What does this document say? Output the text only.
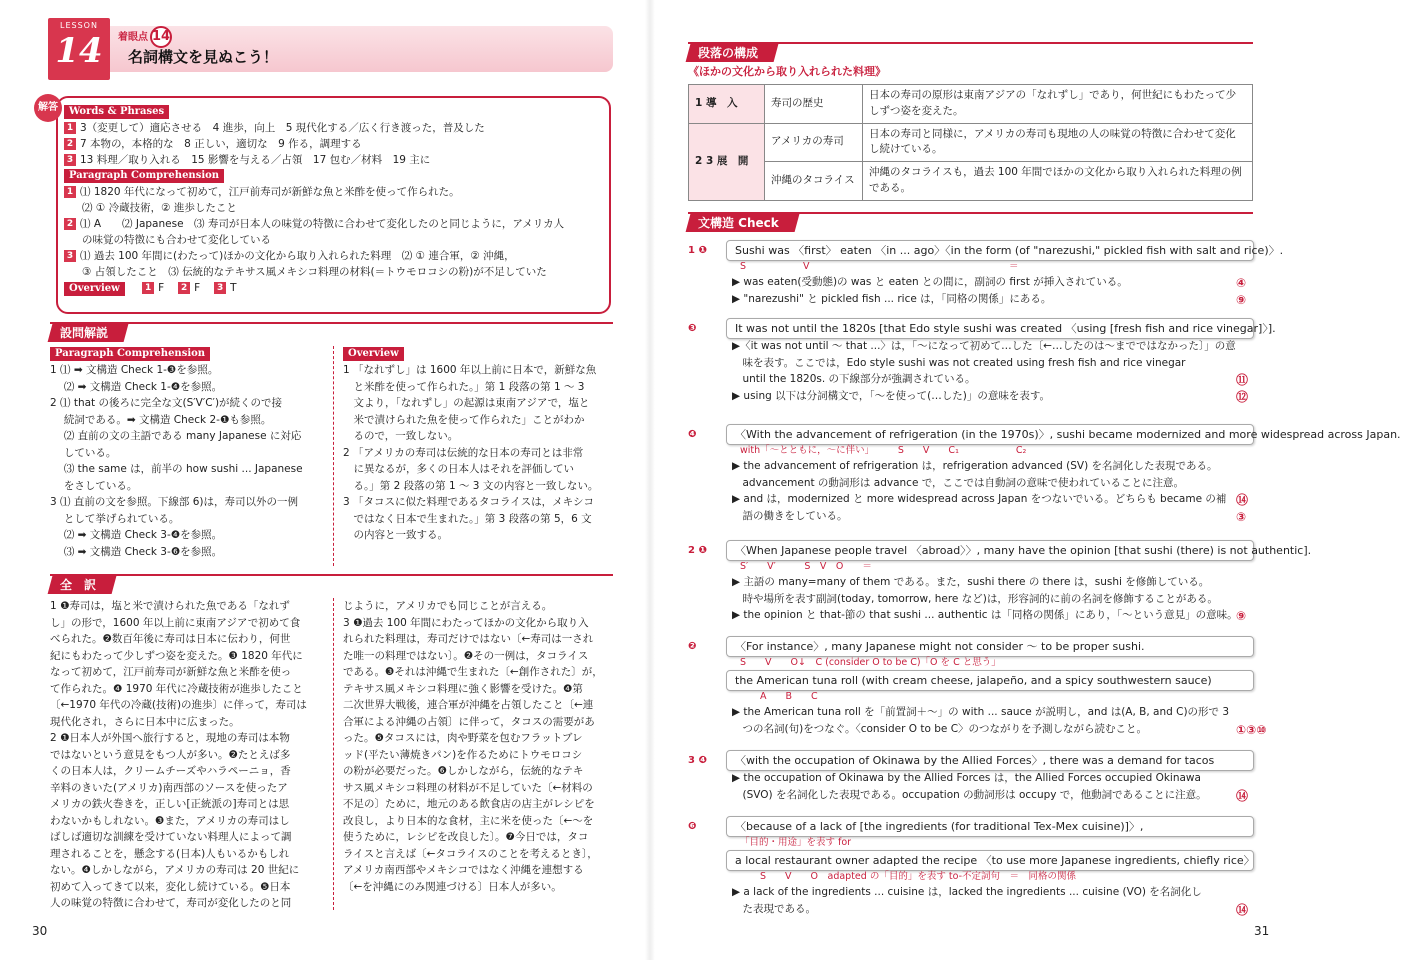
LESSON
14	着眼点 14
名詞構文を見ぬこう！
Words & Phrases
1 3（変更して）適応させる　4 進歩，向上　5 現代化する／広く行き渡った，普及した
2 7 本物の，本格的な　8 正しい，適切な　9 作る，調理する
3 13 料理／取り入れる　15 影響を与える／占領　17 包む／材料　19 主に
Paragraph Comprehension
1 ⑴ 1820 年代になって初めて，江戸前寿司が新鮮な魚と米酢を使って作られた。
⑵ ① 冷蔵技術，② 進歩したこと
2 ⑴ A　　⑵ Japanese　⑶ 寿司が日本人の味覚の特徴に合わせて変化したのと同じように，アメリカ人
の味覚の特徴にも合わせて変化している
3 ⑴ 過去 100 年間に(わたって)ほかの文化から取り入れられた料理　⑵ ① 連合軍，② 沖縄，
③ 占領したこと　⑶ 伝統的なテキサス風メキシコ料理の材料(＝トウモロコシの粉)が不足していた
Overview	1 F 2 F 3 T
解答
設問解説
Paragraph Comprehension
1 ⑴ ➡ 文構造 Check 1-❸を参照。
　 ⑵ ➡ 文構造 Check 1-❹を参照。
2 ⑴ that の後ろに完全な文(S′V′C′)が続くので接
　 続詞である。➡ 文構造 Check 2-❶も参照。
　 ⑵ 直前の文の主語である many Japanese に対応
　 している。
　 ⑶ the same は，前半の how sushi ... Japanese
　 をさしている。
3 ⑴ 直前の文を参照。下線部 6)は，寿司以外の一例
　 として挙げられている。
　 ⑵ ➡ 文構造 Check 3-❹を参照。
　 ⑶ ➡ 文構造 Check 3-❻を参照。
Overview
1 「なれずし」は 1600 年以上前に日本で，新鮮な魚
　と米酢を使って作られた。」第 1 段落の第 1 ～ 3
　文より，「なれずし」の起源は東南アジアで，塩と
　米で漬けられた魚を使って作られた」ことがわか
　るので，一致しない。
2 「アメリカの寿司は伝統的な日本の寿司とは非常
　に異なるが，多くの日本人はそれを評価してい
　る。」第 2 段落の第 1 ～ 3 文の内容と一致しない。
3 「タコスに似た料理であるタコライスは，メキシコ
　ではなく日本で生まれた。」第 3 段落の第 5，6 文
　の内容と一致する。
全　訳
1 ❶寿司は，塩と米で漬けられた魚である「なれず
し」の形で，1600 年以上前に東南アジアで初めて食
べられた。❷数百年後に寿司は日本に伝わり，何世
紀にもわたって少しずつ姿を変えた。❸ 1820 年代に
なって初めて，江戸前寿司が新鮮な魚と米酢を使っ
て作られた。❹ 1970 年代に冷蔵技術が進歩したこと
〔←1970 年代の冷蔵(技術)の進歩〕に伴って，寿司は
現代化され，さらに日本中に広まった。
2 ❶日本人が外国へ旅行すると，現地の寿司は本物
ではないという意見をもつ人が多い。❷たとえば多
くの日本人は，クリームチーズやハラペーニョ，香
辛料のきいた(アメリカ)南西部のソースを使ったア
メリカの鉄火巻きを，正しい[正統派の]寿司とは思
わないかもしれない。❸また，アメリカの寿司はし
ばしば適切な訓練を受けていない料理人によって調
理されることを，懸念する(日本)人もいるかもしれ
ない。❹しかしながら，アメリカの寿司は 20 世紀に
初めて入ってきて以来，変化し続けている。❺日本
人の味覚の特徴に合わせて，寿司が変化したのと同
じように，アメリカでも同じことが言える。
3 ❶過去 100 年間にわたってほかの文化から取り入
れられた料理は，寿司だけではない〔←寿司は一され
た唯一の料理ではない〕。❷その一例は，タコライス
である。❸それは沖縄で生まれた〔←創作された〕が，
テキサス風メキシコ料理に強く影響を受けた。❹第
二次世界大戦後，連合軍が沖縄を占領したこと〔←連
合軍による沖縄の占領〕に伴って，タコスの需要があ
った。❺タコスには，肉や野菜を包むフラットブレ
ッド(平たい薄焼きパン)を作るためにトウモロコシ
の粉が必要だった。❻しかしながら，伝統的なテキ
サス風メキシコ料理の材料が不足していた〔←材料の
不足の〕ために，地元のある飲食店の店主がレシピを
改良し，より日本的な食材，主に米を使った〔←～を
使うために，レシピを改良した〕。❼今日では，タコ
ライスと言えば〔←タコライスのことを考えるとき〕，
アメリカ南西部やメキシコではなく沖縄を連想する
〔←を沖縄にのみ関連づける〕日本人が多い。
30
段落の構成
《ほかの文化から取り入れられた料理》
1 導　入	寿司の歴史	日本の寿司の原形は東南アジアの「なれずし」であり，何世紀にもわたって少しずつ姿を変えた。
2 3 展　開	アメリカの寿司	日本の寿司と同様に，アメリカの寿司も現地の人の味覚の特徴に合わせて変化し続けている。
	沖縄のタコライス	沖縄のタコライスも，過去 100 年間でほかの文化から取り入れられた料理の例である。
文構造 Check
1 ❶	Sushi was 〈first〉 eaten 〈in ... ago〉〈in the form (of "narezushi," pickled fish with salt and rice)〉.
S　　　　　　V　　　　　　　　　　　　　　　　　　　　　＝
▶ was eaten(受動態)の was と eaten との間に，副詞の first が挿入されている。
▶ "narezushi" と pickled fish ... rice は，「同格の関係」にある。
④
⑨
❸	It was not until the 1820s [that Edo style sushi was created 〈using [fresh fish and rice vinegar]〉].
▶〈it was not until ～ that ...〉は，「～になって初めて…した〔←…したのは～までではなかった〕」の意
　味を表す。ここでは，Edo style sushi was not created using fresh fish and rice vinegar
　until the 1820s. の下線部分が強調されている。
▶ using 以下は分詞構文で，「～を使って(…した)」の意味を表す。
⑪
⑫
❹	〈With the advancement of refrigeration (in the 1970s)〉, sushi became modernized and more widespread across Japan.
with「～とともに，～に伴い」　　　S　　V　　C₁　　　　　　C₂
▶ the advancement of refrigeration は，refrigeration advanced (SV) を名詞化した表現である。
　advancement の動詞形は advance で，ここでは自動詞の意味で使われていることに注意。
▶ and は，modernized と more widespread across Japan をつないでいる。どちらも became の補
　語の働きをしている。
⑭
③
2 ❶	〈When Japanese people travel 〈abroad〉〉, many have the opinion [that sushi (there) is not authentic].
S′　　V′　　　S　V　O　　＝
▶ 主語の many=many of them である。また，sushi there の there は，sushi を修飾している。
　時や場所を表す副詞(today, tomorrow, here など)は，形容詞的に前の名詞を修飾することがある。
▶ the opinion と that-節の that sushi ... authentic は「同格の関係」にあり，「～という意見」の意味。
⑨
❷	〈For instance〉, many Japanese might not consider ～ to be proper sushi.
S　　V　　O↓　C (consider O to be C)「O を C と思う」
the American tuna roll (with cream cheese, jalapeño, and a spicy southwestern sauce)
A　　B　　C
▶ the American tuna roll を「前置詞＋～」の with ... sauce が説明し，and は(A, B, and C)の形で 3
　つの名詞(句)をつなぐ。〈consider O to be C〉のつながりを予測しながら読むこと。	①③⑩
3 ❹	〈with the occupation of Okinawa by the Allied Forces〉, there was a demand for tacos
▶ the occupation of Okinawa by the Allied Forces は，the Allied Forces occupied Okinawa
　(SVO) を名詞化した表現である。occupation の動詞形は occupy で，他動詞であることに注意。	⑭
❻	〈because of a lack of [the ingredients (for traditional Tex-Mex cuisine)]〉,
「目的・用途」を表す for
a local restaurant owner adapted the recipe 〈to use more Japanese ingredients, chiefly rice〉
S　　V　　O　adapted の「目的」を表す to-不定詞句　＝　同格の関係
▶ a lack of the ingredients ... cuisine は，lacked the ingredients ... cuisine (VO) を名詞化し
　た表現である。	⑭
31
